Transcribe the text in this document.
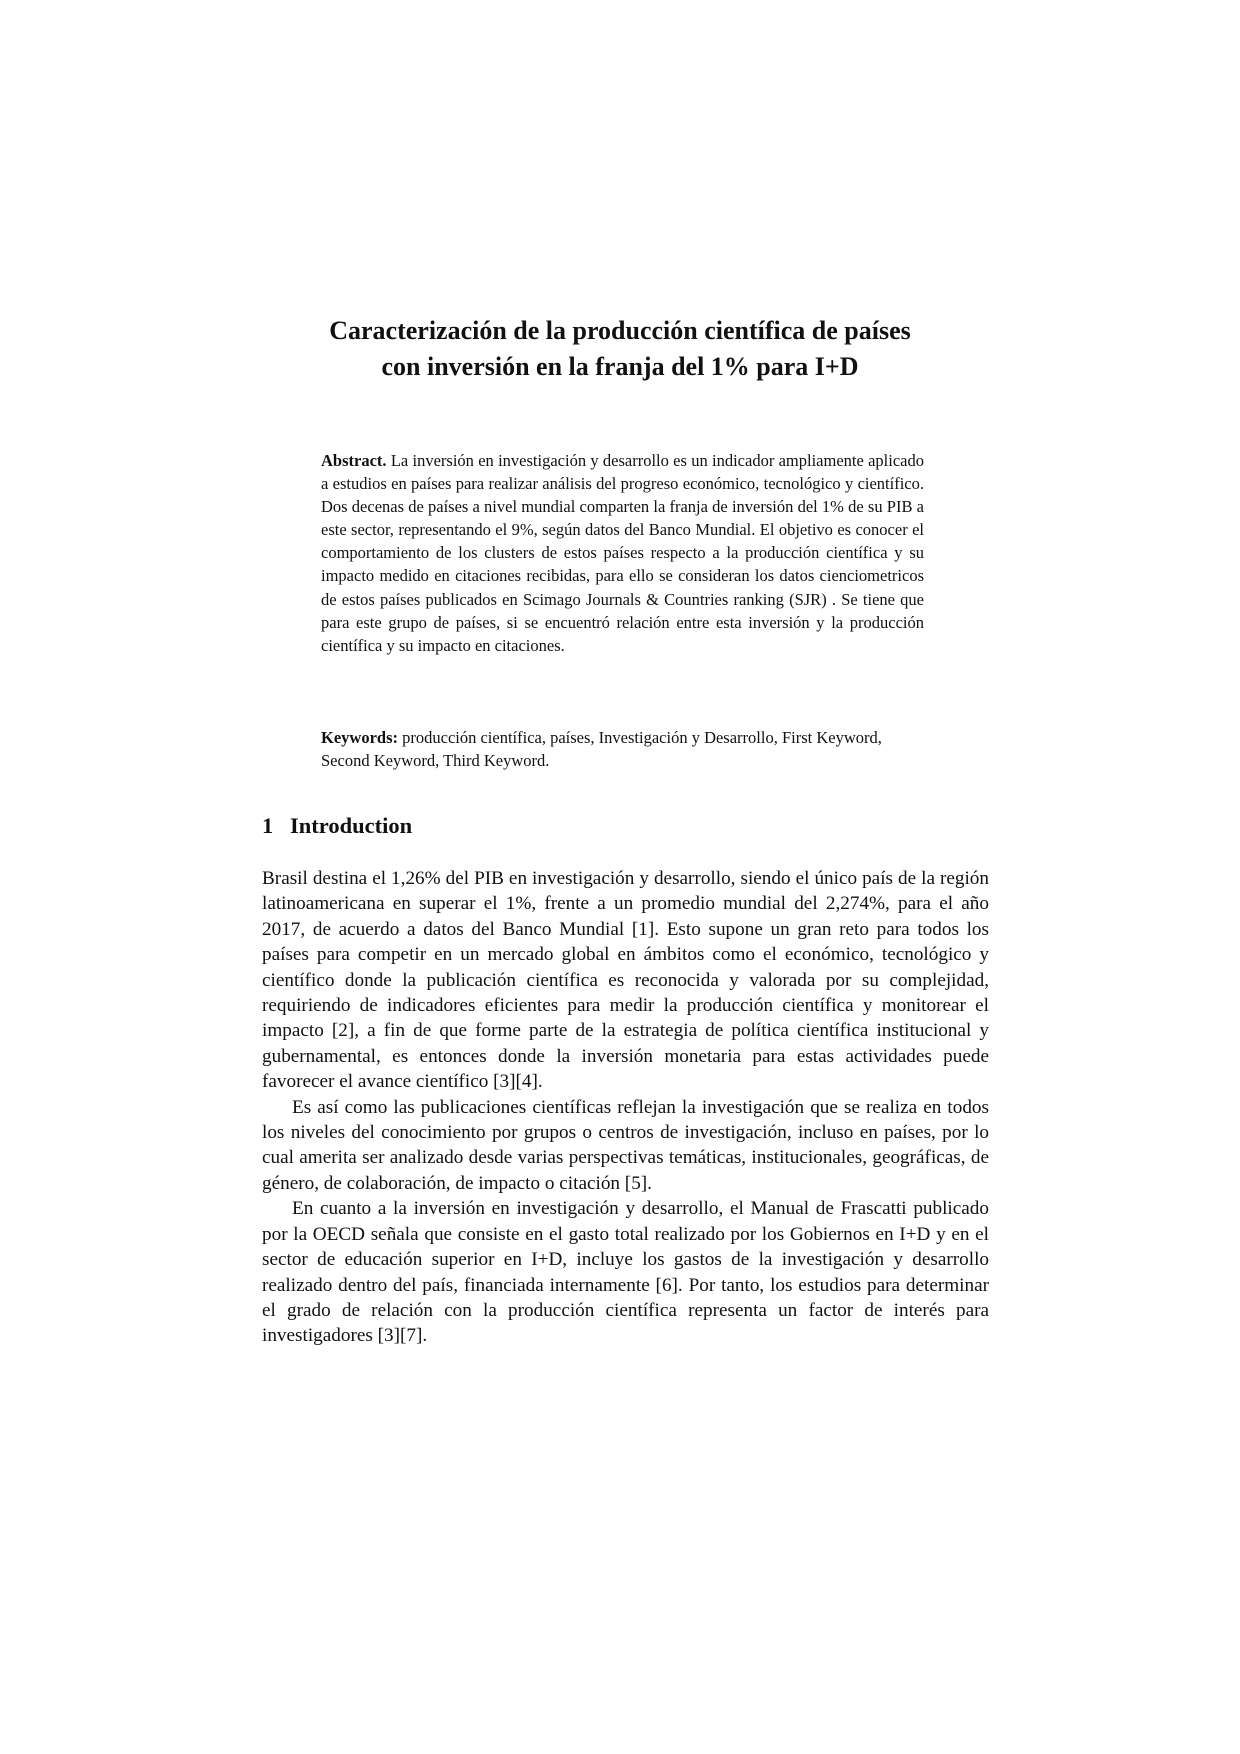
Caracterización de la producción científica de países
con inversión en la franja del 1% para I+D

Abstract. La inversión en investigación y desarrollo es un indicador ampliamente aplicado a estudios en países para realizar análisis del progreso económico, tecnológico y científico. Dos decenas de países a nivel mundial comparten la franja de inversión del 1% de su PIB a este sector, representando el 9%, según datos del Banco Mundial. El objetivo es conocer el comportamiento de los clusters de estos países respecto a la producción científica y su impacto medido en citaciones recibidas, para ello se consideran los datos cienciometricos de estos países publicados en Scimago Journals & Countries ranking (SJR) . Se tiene que para este grupo de países, si se encuentró relación entre esta inversión y la producción científica y su impacto en citaciones.

Keywords: producción científica, países, Investigación y Desarrollo, First Keyword, Second Keyword, Third Keyword.

1 Introduction

Brasil destina el 1,26% del PIB en investigación y desarrollo, siendo el único país de la región latinoamericana en superar el 1%, frente a un promedio mundial del 2,274%, para el año 2017, de acuerdo a datos del Banco Mundial [1]. Esto supone un gran reto para todos los países para competir en un mercado global en ámbitos como el económico, tecnológico y científico donde la publicación científica es reconocida y valorada por su complejidad, requiriendo de indicadores eficientes para medir la producción científica y monitorear el impacto [2], a fin de que forme parte de la estrategia de política científica institucional y gubernamental, es entonces donde la inversión monetaria para estas actividades puede favorecer el avance científico [3][4].

Es así como las publicaciones científicas reflejan la investigación que se realiza en todos los niveles del conocimiento por grupos o centros de investigación, incluso en países, por lo cual amerita ser analizado desde varias perspectivas temáticas, institucionales, geográficas, de género, de colaboración, de impacto o citación [5].

En cuanto a la inversión en investigación y desarrollo, el Manual de Frascatti publicado por la OECD señala que consiste en el gasto total realizado por los Gobiernos en I+D y en el sector de educación superior en I+D, incluye los gastos de la investigación y desarrollo realizado dentro del país, financiada internamente [6]. Por tanto, los estudios para determinar el grado de relación con la producción científica representa un factor de interés para investigadores [3][7].
